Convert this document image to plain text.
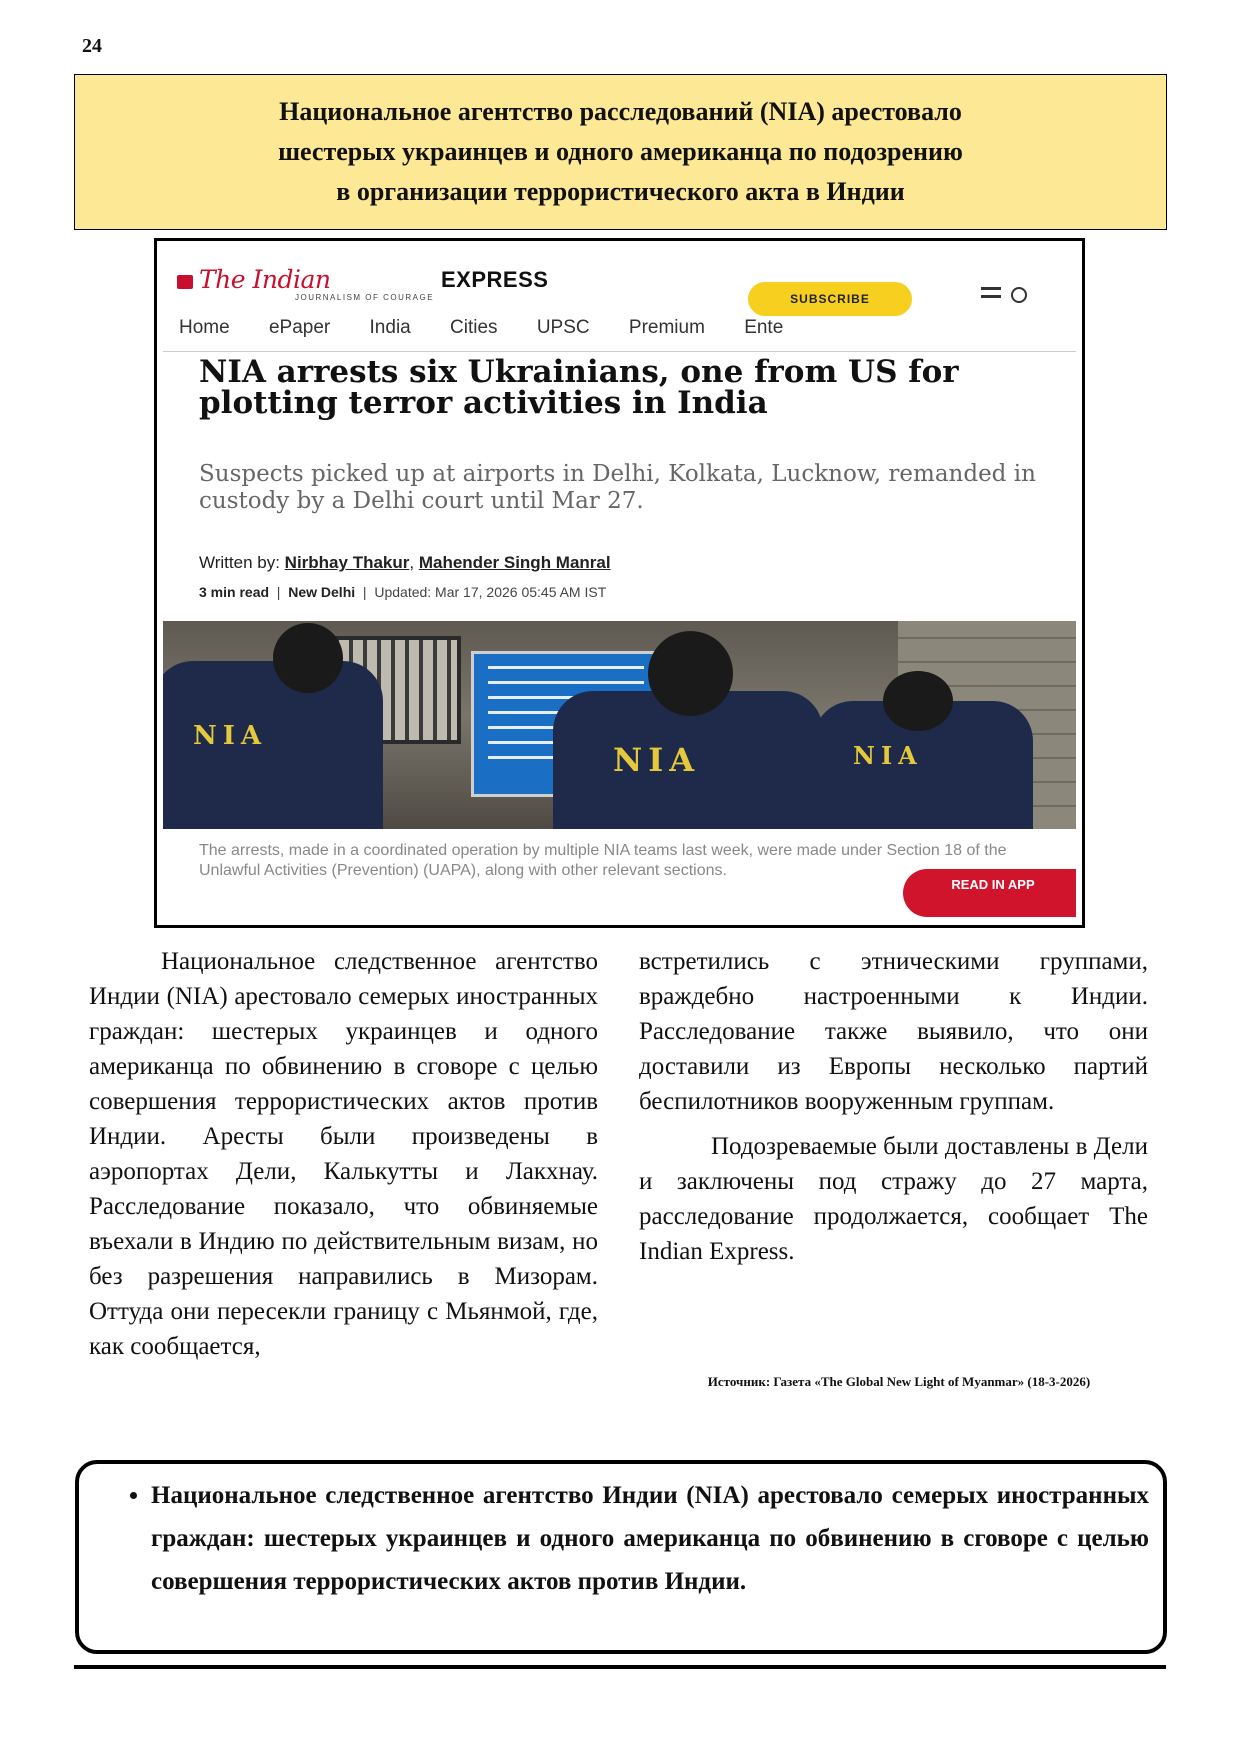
24
Национальное агентство расследований (NIA) арестовало
шестерых украинцев и одного американца по подозрению
в организации террористического акта в Индии
The Indian	EXPRESS
JOURNALISM OF COURAGE	SUBSCRIBE
Home ePaper India Cities UPSC Premium Ente
NIA arrests six Ukrainians, one from US for plotting terror activities in India
Suspects picked up at airports in Delhi, Kolkata, Lucknow, remanded in custody by a Delhi court until Mar 27.
Written by: Nirbhay Thakur, Mahender Singh Manral
3 min read  |  New Delhi  |  Updated: Mar 17, 2026 05:45 AM IST
NIA
NIA	NIA
The arrests, made in a coordinated operation by multiple NIA teams last week, were made under Section 18 of the Unlawful Activities (Prevention) (UAPA), along with other relevant sections.
READ IN APP

Национальное следственное агентство Индии (NIA) арестовало семерых иностранных граждан: шестерых украинцев и одного американца по обвинению в сговоре с целью совершения террористических актов против Индии. Аресты были произведены в аэропортах Дели, Калькутты и Лакхнау. Расследование показало, что обвиняемые въехали в Индию по действительным визам, но без разрешения направились в Мизорам. Оттуда они пересекли границу с Мьянмой, где, как сообщается,

встретились с этническими группами, враждебно настроенными к Индии. Расследование также выявило, что они доставили из Европы несколько партий беспилотников вооруженным группам.

Подозреваемые были доставлены в Дели и заключены под стражу до 27 марта, расследование продолжается, сообщает The Indian Express.

Источник: Газета «The Global New Light of Myanmar» (18-3-2026)
• Национальное следственное агентство Индии (NIA) арестовало семерых иностранных граждан: шестерых украинцев и одного американца по обвинению в сговоре с целью совершения террористических актов против Индии.
